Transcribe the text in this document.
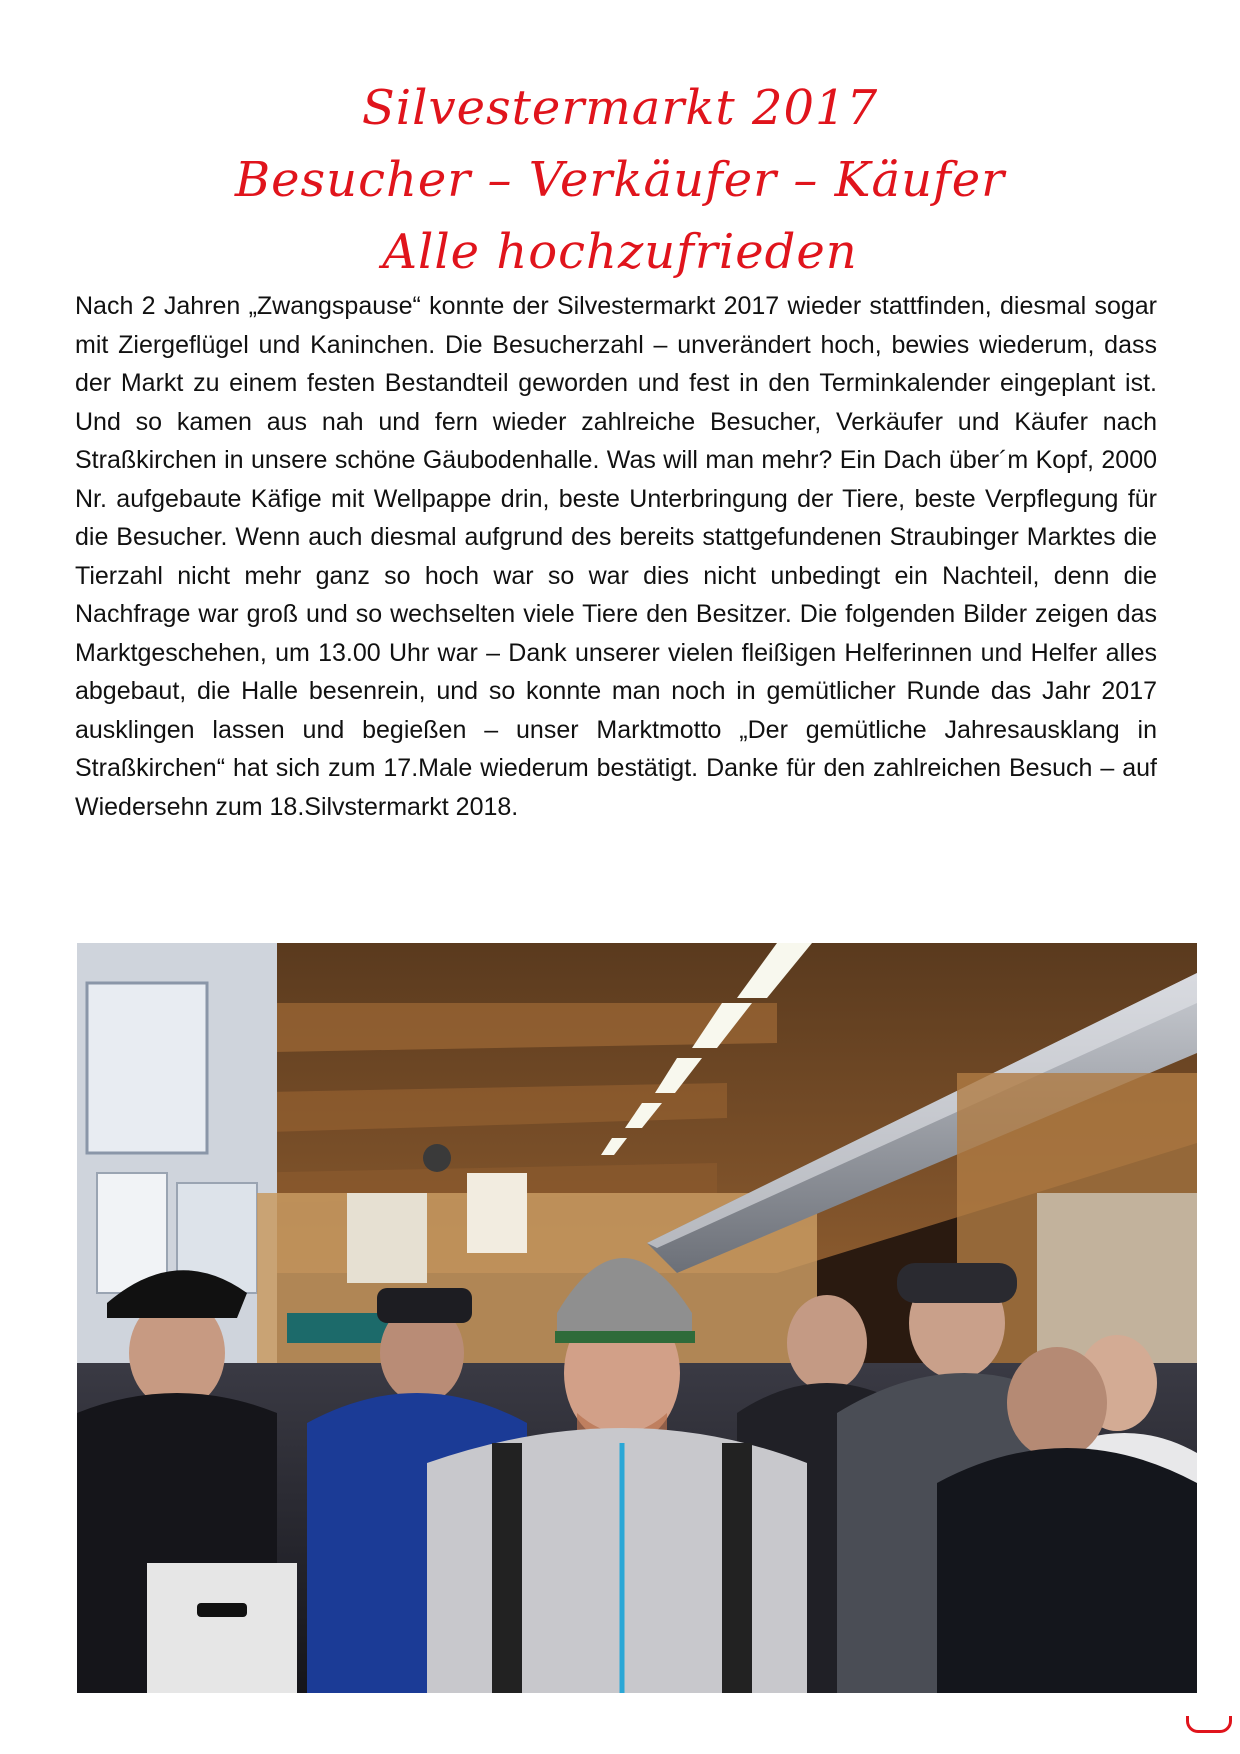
Silvestermarkt 2017
Besucher – Verkäufer – Käufer
Alle hochzufrieden

Nach 2 Jahren „Zwangspause“ konnte der Silvestermarkt 2017 wieder stattfinden, diesmal sogar mit Ziergeflügel und Kaninchen. Die Besucherzahl – unverändert hoch, bewies wiederum, dass der Markt zu einem festen Bestandteil geworden und fest in den Terminkalender eingeplant ist. Und so kamen aus nah und fern wieder zahlreiche Besucher, Verkäufer und Käufer nach Straßkirchen in unsere schöne Gäubodenhalle. Was will man mehr? Ein Dach über´m Kopf, 2000 Nr. aufgebaute Käfige mit Wellpappe drin, beste Unterbringung der Tiere, beste Verpflegung für die Besucher. Wenn auch diesmal aufgrund des bereits stattgefundenen Straubinger Marktes die Tierzahl nicht mehr ganz so hoch war so war dies nicht unbedingt ein Nachteil, denn die Nachfrage war groß und so wechselten viele Tiere den Besitzer. Die folgenden Bilder zeigen das Marktgeschehen, um 13.00 Uhr war – Dank unserer vielen fleißigen Helferinnen und Helfer alles abgebaut, die Halle besenrein, und so konnte man noch in gemütlicher Runde das Jahr 2017 ausklingen lassen und begießen – unser Marktmotto „Der gemütliche Jahresausklang in Straßkirchen“ hat sich zum 17.Male wiederum bestätigt. Danke für den zahlreichen Besuch – auf Wiedersehn zum 18.Silvstermarkt 2018.
